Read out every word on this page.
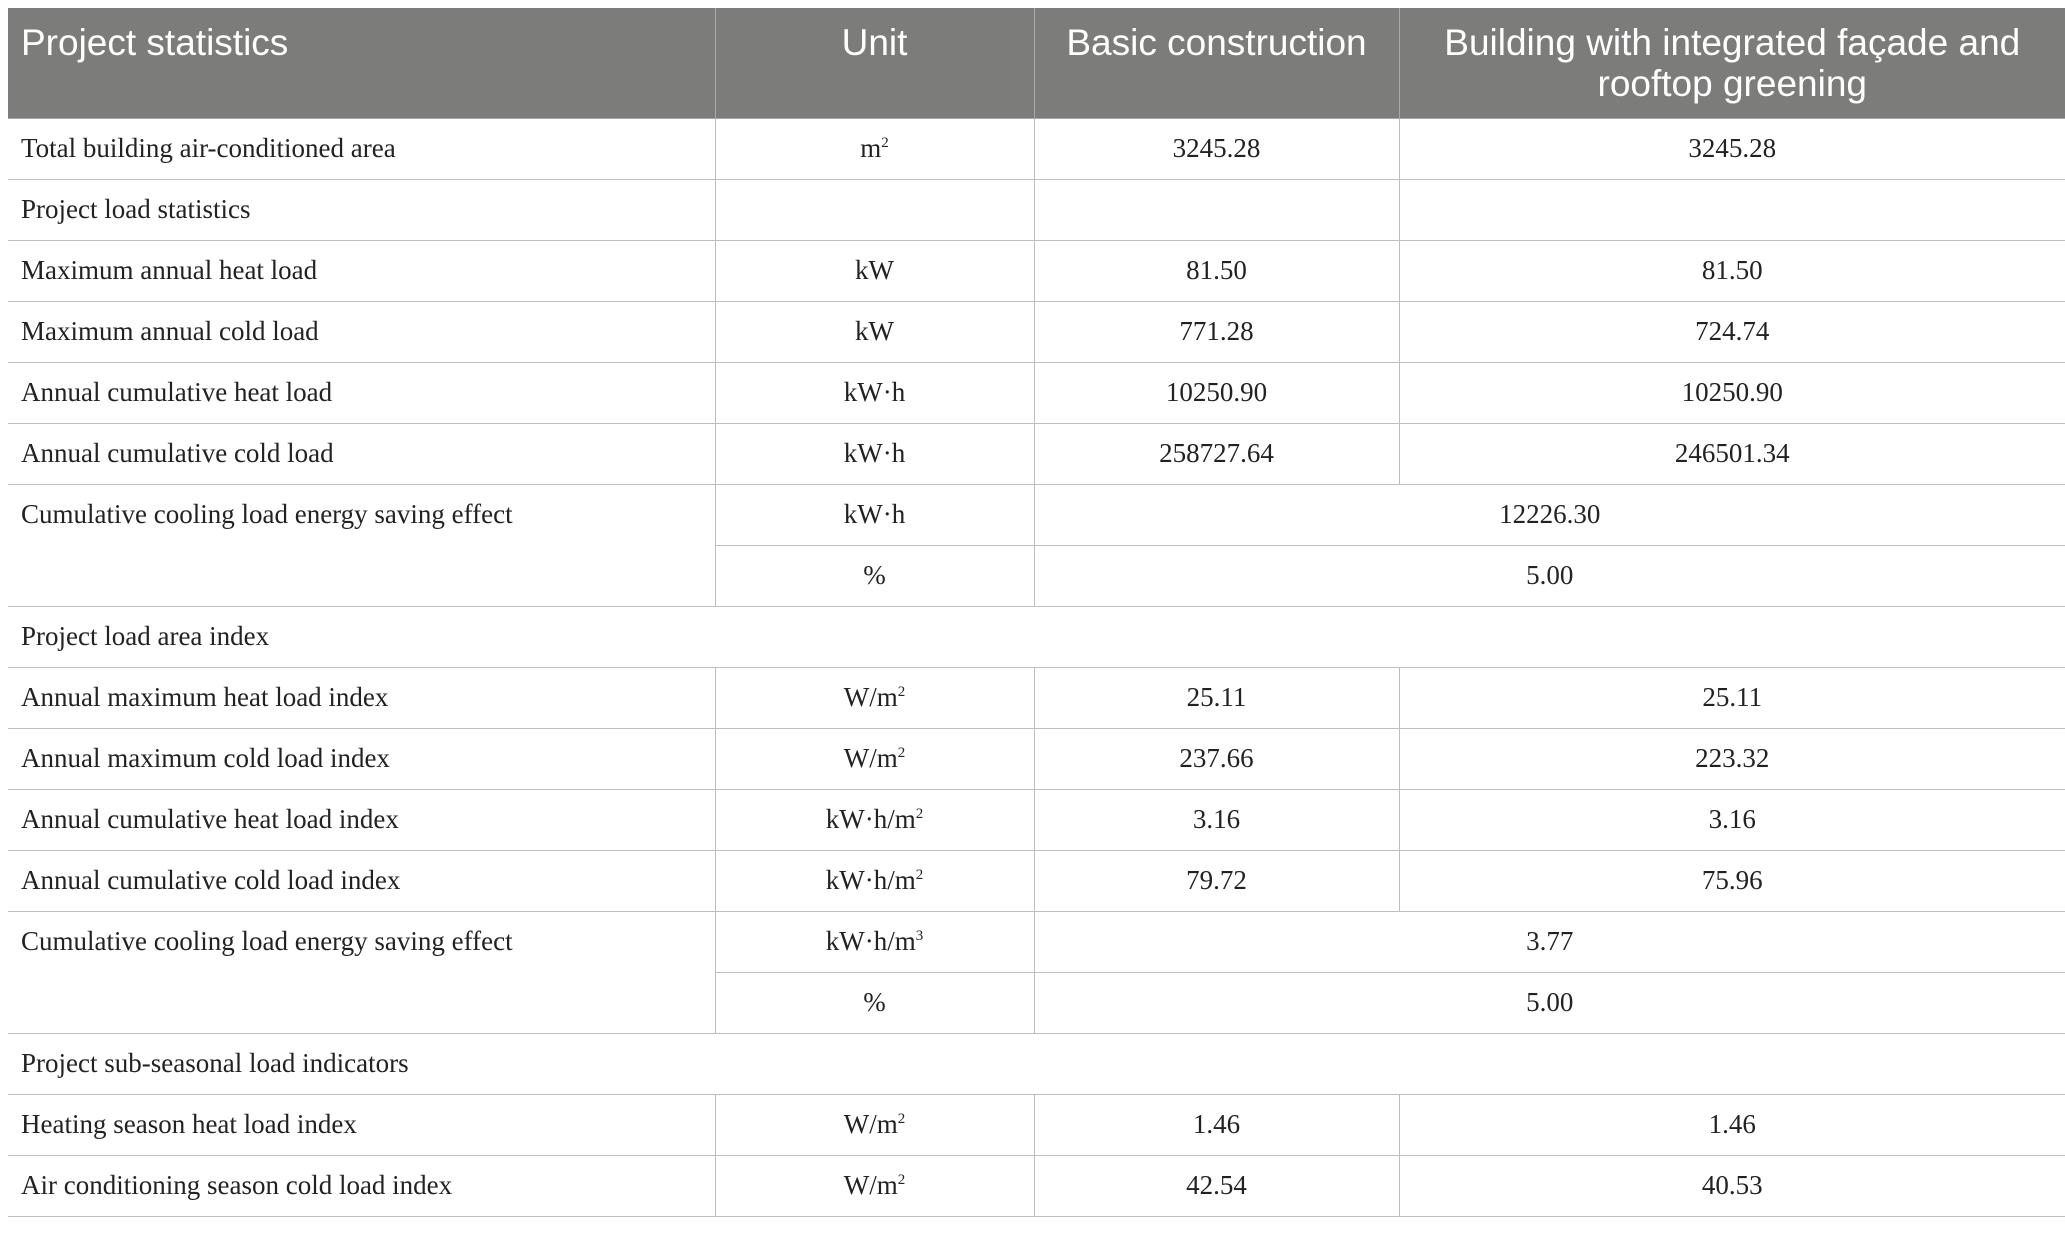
Project statistics	Unit	Basic construction	Building with integrated façade and rooftop greening
Total building air-conditioned area	$m^2$	3245.28	3245.28
Project load statistics			
Maximum annual heat load	kW	81.50	81.50
Maximum annual cold load	kW	771.28	724.74
Annual cumulative heat load	kW·h	10250.90	10250.90
Annual cumulative cold load	kW·h	258727.64	246501.34
Cumulative cooling load energy saving effect	kW·h	12226.30	
	%	5.00	
Project load area index			
Annual maximum heat load index	$W/m^2$	25.11	25.11
Annual maximum cold load index	$W/m^2$	237.66	223.32
Annual cumulative heat load index	$kW\cdot h/m^2$	3.16	3.16
Annual cumulative cold load index	$kW\cdot h/m^2$	79.72	75.96
Cumulative cooling load energy saving effect	$kW\cdot h/m^3$	3.77	
	%	5.00	
Project sub-seasonal load indicators			
Heating season heat load index	$W/m^2$	1.46	1.46
Air conditioning season cold load index	$W/m^2$	42.54	40.53
